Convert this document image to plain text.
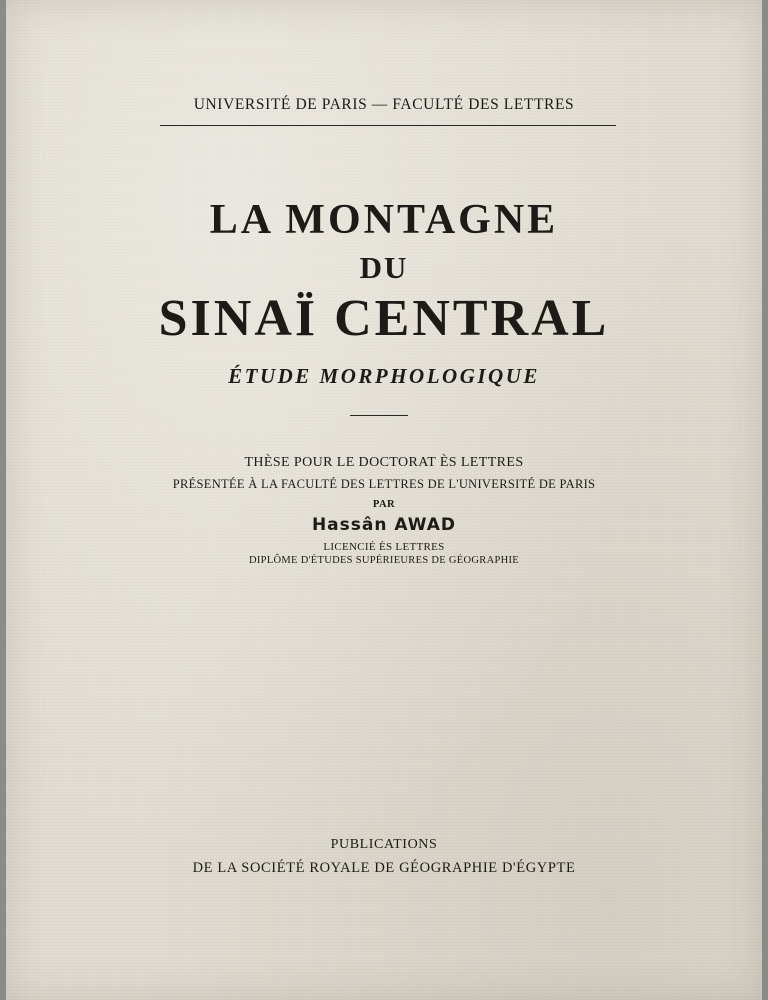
UNIVERSITÉ DE PARIS — FACULTÉ DES LETTRES
LA MONTAGNE
DU
SINAÏ CENTRAL
ÉTUDE MORPHOLOGIQUE
THÈSE POUR LE DOCTORAT ÈS LETTRES
PRÉSENTÉE À LA FACULTÉ DES LETTRES DE L'UNIVERSITÉ DE PARIS
PAR
Hassân AWAD
LICENCIÉ ÈS LETTRES
DIPLÔME D'ÉTUDES SUPÉRIEURES DE GÉOGRAPHIE
PUBLICATIONS
DE LA SOCIÉTÉ ROYALE DE GÉOGRAPHIE D'ÉGYPTE
